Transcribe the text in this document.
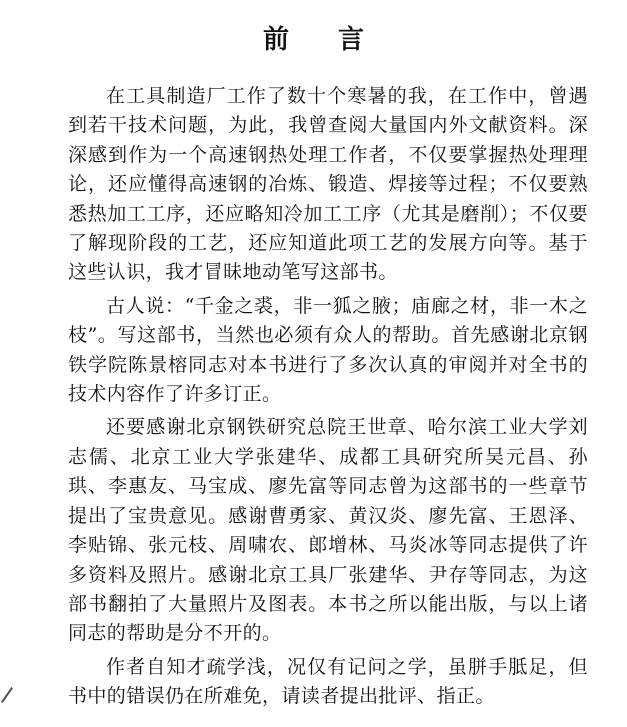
前 言

在工具制造厂工作了数十个寒暑的我，在工作中，曾遇到若干技术问题，为此，我曾查阅大量国内外文献资料。深深感到作为一个高速钢热处理工作者，不仅要掌握热处理理论，还应懂得高速钢的冶炼、锻造、焊接等过程；不仅要熟悉热加工工序，还应略知冷加工工序（尤其是磨削）；不仅要了解现阶段的工艺，还应知道此项工艺的发展方向等。基于这些认识，我才冒昧地动笔写这部书。

古人说：“千金之裘，非一狐之腋；庙廊之材，非一木之枝”。写这部书，当然也必须有众人的帮助。首先感谢北京钢铁学院陈景榕同志对本书进行了多次认真的审阅并对全书的技术内容作了许多订正。

还要感谢北京钢铁研究总院王世章、哈尔滨工业大学刘志儒、北京工业大学张建华、成都工具研究所吴元昌、孙珙、李惠友、马宝成、廖先富等同志曾为这部书的一些章节提出了宝贵意见。感谢曹勇家、黄汉炎、廖先富、王恩泽、李贴锦、张元枝、周啸农、郎增林、马炎冰等同志提供了许多资料及照片。感谢北京工具厂张建华、尹存等同志，为这部书翻拍了大量照片及图表。本书之所以能出版，与以上诸同志的帮助是分不开的。

作者自知才疏学浅，况仅有记问之学，虽胼手胝足，但书中的错误仍在所难免，请读者提出批评、指正。
